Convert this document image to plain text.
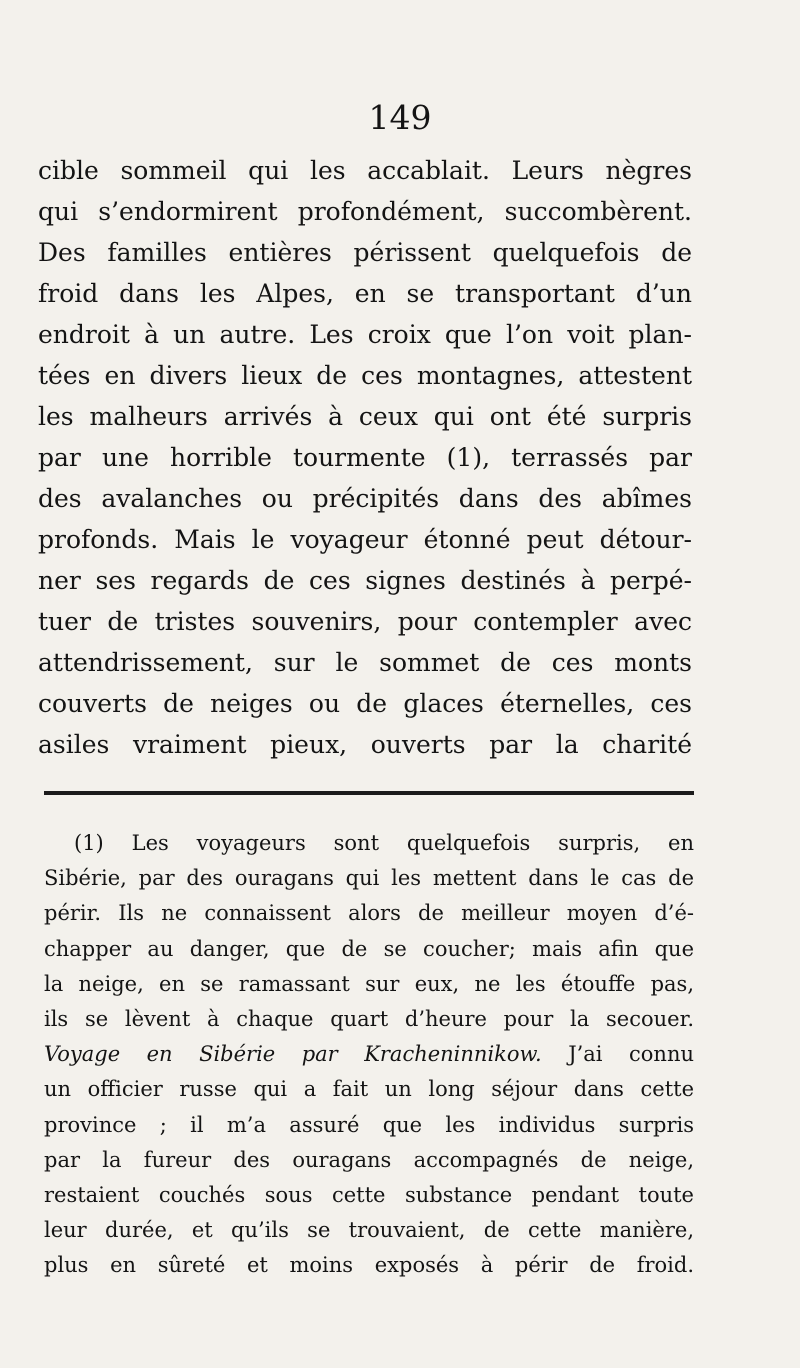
149
cible sommeil qui les accablait. Leurs nègres
qui s’endormirent profondément, succombèrent.
Des familles entières périssent quelquefois de
froid dans les Alpes, en se transportant d’un
endroit à un autre. Les croix que l’on voit plan-
tées en divers lieux de ces montagnes, attestent
les malheurs arrivés à ceux qui ont été surpris
par une horrible tourmente (1), terrassés par
des avalanches ou précipités dans des abîmes
profonds. Mais le voyageur étonné peut détour-
ner ses regards de ces signes destinés à perpé-
tuer de tristes souvenirs, pour contempler avec
attendrissement, sur le sommet de ces monts
couverts de neiges ou de glaces éternelles, ces
asiles vraiment pieux, ouverts par la charité
(1) Les voyageurs sont quelquefois surpris, en
Sibérie, par des ouragans qui les mettent dans le cas de
périr. Ils ne connaissent alors de meilleur moyen d’é-
chapper au danger, que de se coucher; mais afin que
la neige, en se ramassant sur eux, ne les étouffe pas,
ils se lèvent à chaque quart d’heure pour la secouer.
Voyage en Sibérie par Kracheninnikow. J’ai connu
un officier russe qui a fait un long séjour dans cette
province ; il m’a assuré que les individus surpris
par la fureur des ouragans accompagnés de neige,
restaient couchés sous cette substance pendant toute
leur durée, et qu’ils se trouvaient, de cette manière,
plus en sûreté et moins exposés à périr de froid.
